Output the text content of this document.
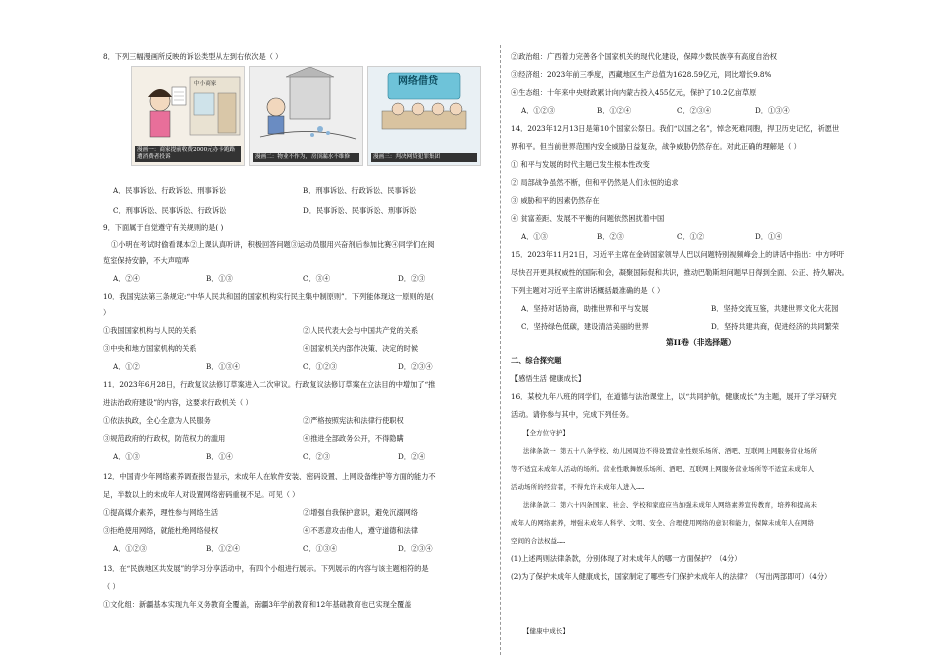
8．下列三幅漫画所反映的诉讼类型从左到右依次是（ ）
中小商家
漫画一：商家提前收费2000元办卡跑路遭消费者投诉	漫画二：物业不作为，房顶漏水不维修
网络借贷
漫画三：判决网贷犯罪集团
A．民事诉讼、行政诉讼、刑事诉讼	B．刑事诉讼、行政诉讼、民事诉讼
C．刑事诉讼、民事诉讼、行政诉讼	D．民事诉讼、民事诉讼、刑事诉讼
9．下面属于自觉遵守有关规则的是( )
①小明在考试时偷看课本②上课认真听讲，积极回答问题③运动员服用兴奋剂后参加比赛④同学们在阅
览室保持安静，不大声喧哗
A．②④	B．①③	C．③④	D．②③
10．我国宪法第三条规定:“中华人民共和国的国家机构实行民主集中制原则”．下列能体现这一原则的是(
）
①我国国家机构与人民的关系	②人民代表大会与中国共产党的关系
③中央和地方国家机构的关系	④国家机关内部作决策、决定的时候
A．①②	B．①③④	C．①②③	D．②③④
11．2023年6月28日，行政复议法修订草案进入二次审议。行政复议法修订草案在立法目的中增加了“推
进法治政府建设”的内容，这要求行政机关（ ）
①依法执政，全心全意为人民服务	②严格按照宪法和法律行使职权
③规范政府的行政权，防范权力的滥用	④推进全部政务公开，不得隐瞒
A．①③	B．①④	C．②③	D．②④
12．中国青少年网络素养调查报告显示，未成年人在软件安装、密码设置、上网设备维护等方面的能力不
足，半数以上的未成年人对设置网络密码重视不足。可见（ ）
①提高媒介素养，理性参与网络生活	②增强自我保护意识，避免沉溺网络
③拒绝使用网络，就能杜绝网络侵权	④不恶意攻击他人，遵守道德和法律
A．①②③	B．①②④	C．①③④	D．②③④
13．在“民族地区共发展”的学习分享活动中，有四个小组进行展示。下列展示的内容与该主题相符的是
（ ）
①文化组：新疆基本实现九年义务教育全覆盖，南疆3年学前教育和12年基础教育也已实现全覆盖
②政治组：广西着力完善各个国家机关的现代化建设，保障少数民族享有高度自治权
③经济组：2023年前三季度，西藏地区生产总值为1628.59亿元，同比增长9.8%
④生态组：十年来中央财政累计向内蒙古投入455亿元，保护了10.2亿亩草原
A．①②③	B．①②④	C．②③④	D．①③④
14．2023年12月13日是第10个国家公祭日。我们“以国之名”，悼念死难同胞，捍卫历史记忆，祈愿世
界和平。但当前世界范围内安全威胁日益复杂，战争威胁仍然存在。对此正确的理解是（ ）
① 和平与发展的时代主题已发生根本性改变
② 局部战争虽然不断，但和平仍然是人们永恒的追求
③ 威胁和平的因素仍然存在
④ 贫富差距、发展不平衡的问题依然困扰着中国
A．①③	B．②③	C．①②	D．①④
15．2023年11月21日，习近平主席在金砖国家领导人巴以问题特别视频峰会上的讲话中指出：中方呼吁
尽快召开更具权威性的国际和会，凝聚国际促和共识，推动巴勒斯坦问题早日得到全面、公正、持久解决。
下列主题对习近平主席讲话概括最准确的是（ ）
A．坚持对话协商，助推世界和平与发展	B．坚持交流互鉴，共建世界文化大花园
C．坚持绿色低碳，建设清洁美丽的世界	D．坚持共建共商，促进经济的共同繁荣
第II卷（非选择题）
二、综合探究题
【感悟生活 健康成长】
16．某校九年八班的同学们，在道德与法治课堂上，以“共同护航，健康成长”为主题，展开了学习研究
活动。请你参与其中，完成下列任务。
【全方位守护】
法律条款一 第五十八条学校、幼儿园周边不得设置营业性娱乐场所、酒吧、互联网上网服务营业场所
等不适宜未成年人活动的场所。营业性歌舞娱乐场所、酒吧、互联网上网服务营业场所等不适宜未成年人
活动场所的经营者，不得允许未成年人进入……
法律条款二 第六十四条国家、社会、学校和家庭应当加强未成年人网络素养宣传教育，培养和提高未
成年人的网络素养，增强未成年人科学、文明、安全、合理使用网络的意识和能力，保障未成年人在网络
空间的合法权益……
(1)上述两则法律条款，分别体现了对未成年人的哪一方面保护？（4分）
(2)为了保护未成年人健康成长，国家制定了哪些专门保护未成年人的法律？（写出两部即可）（4分）
【健康中成长】
